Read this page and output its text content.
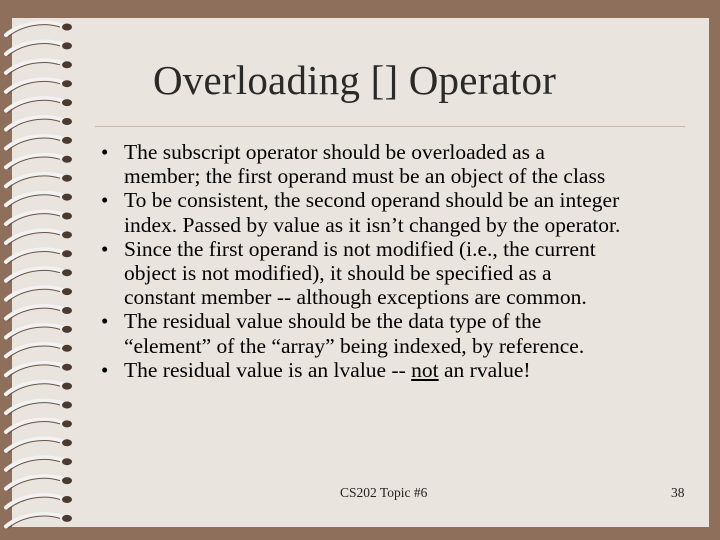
Overloading [] Operator
• The subscript operator should be overloaded as a
member; the first operand must be an object of the class
• To be consistent, the second operand should be an integer
index. Passed by value as it isn’t changed by the operator.
• Since the first operand is not modified (i.e., the current
object is not modified), it should be specified as a
constant member -- although exceptions are common.
• The residual value should be the data type of the
“element” of the “array” being indexed, by reference.
• The residual value is an lvalue -- not an rvalue!
CS202 Topic #6	38
